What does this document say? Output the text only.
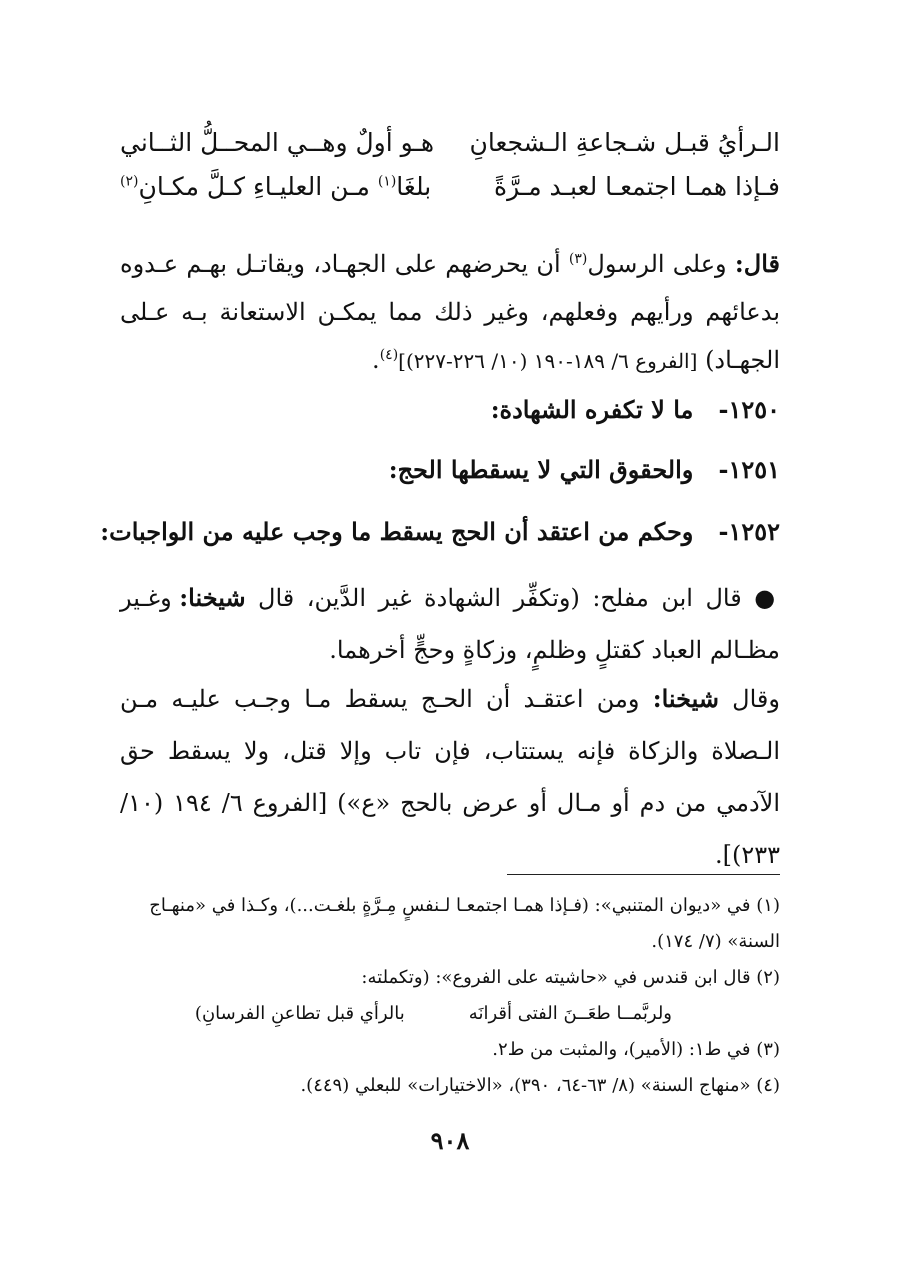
الـرأيُ قبـل شـجاعةِ الـشجعانِ
هـو أولٌ وهــي المحــلُّ الثــاني
فـإذا همـا اجتمعـا لعبـد مـرَّةً
بلغَا$^{(١)}$ مـن العليـاءِ كـلَّ مكـانِ$^{(٢)}$
قال: وعلى الرسول$^{(٣)}$ أن يحرضهم على الجهـاد، ويقاتـل بهـم عـدوه بدعائهم ورأيهم وفعلهم، وغير ذلك مما يمكـن الاستعانة بـه عـلى الجهـاد) [الفروع ٦/ ١٨٩-١٩٠ (١٠/ ٢٢٦-٢٢٧)]$^{(٤)}$.
١٢٥٠-   ما لا تكفره الشهادة:
١٢٥١-   والحقوق التي لا يسقطها الحج:
١٢٥٢-   وحكم من اعتقد أن الحج يسقط ما وجب عليه من الواجبات:
● قال ابن مفلح: (وتكفِّر الشهادة غير الدَّين، قال شيخنا: وغـير مظـالم العباد كقتلٍ وظلمٍ، وزكاةٍ وحجٍّ أخرهما.
وقال شيخنا: ومن اعتقـد أن الحـج يسقط مـا وجـب عليـه مـن الـصلاة والزكاة فإنه يستتاب، فإن تاب وإلا قتل، ولا يسقط حق الآدمي من دم أو مـال أو عرض بالحج «ع») [الفروع ٦/ ١٩٤ (١٠/ ٢٣٣)].
(١) في «ديوان المتنبي»: (فـإذا همـا اجتمعـا لـنفسٍ مِـرَّةٍ بلغـت...)، وكـذا في «منهـاج السنة» (٧/ ١٧٤).
(٢) قال ابن قندس في «حاشيته على الفروع»: (وتكملته:
ولربَّمــا طعَــنَ الفتى أقرانَه
بالرأي قبل تطاعنِ الفرسانِ)
(٣) في ط١: (الأمير)، والمثبت من ط٢.
(٤) «منهاج السنة» (٨/ ٦٣-٦٤، ٣٩٠)، «الاختيارات» للبعلي (٤٤٩).
٩٠٨
